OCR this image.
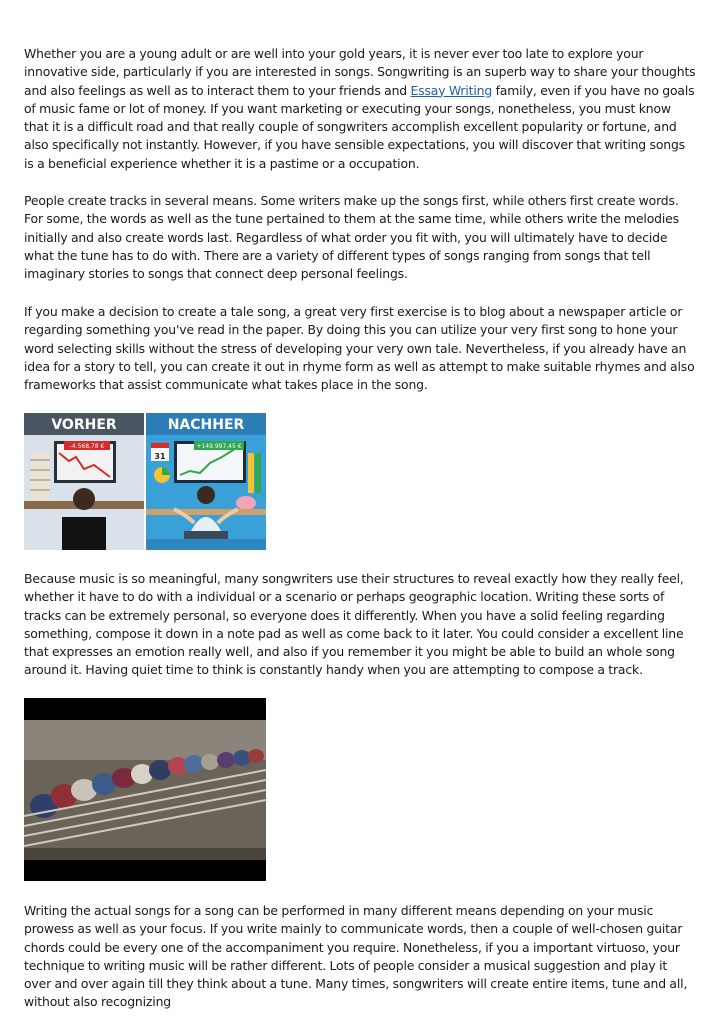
Whether you are a young adult or are well into your gold years, it is never ever too late to explore your innovative side, particularly if you are interested in songs. Songwriting is an superb way to share your thoughts and also feelings as well as to interact them to your friends and Essay Writing family, even if you have no goals of music fame or lot of money. If you want marketing or executing your songs, nonetheless, you must know that it is a difficult road and that really couple of songwriters accomplish excellent popularity or fortune, and also specifically not instantly. However, if you have sensible expectations, you will discover that writing songs is a beneficial experience whether it is a pastime or a occupation.

People create tracks in several means. Some writers make up the songs first, while others first create words. For some, the words as well as the tune pertained to them at the same time, while others write the melodies initially and also create words last. Regardless of what order you fit with, you will ultimately have to decide what the tune has to do with. There are a variety of different types of songs ranging from songs that tell imaginary stories to songs that connect deep personal feelings.

If you make a decision to create a tale song, a great very first exercise is to blog about a newspaper article or regarding something you've read in the paper. By doing this you can utilize your very first song to hone your word selecting skills without the stress of developing your very own tale. Nevertheless, if you already have an idea for a story to tell, you can create it out in rhyme form as well as attempt to make suitable rhymes and also frameworks that assist communicate what takes place in the song.

VORHER	NACHHER
-4.568,78 €	+149.997,45 €
31

Because music is so meaningful, many songwriters use their structures to reveal exactly how they really feel, whether it have to do with a individual or a scenario or perhaps geographic location. Writing these sorts of tracks can be extremely personal, so everyone does it differently. When you have a solid feeling regarding something, compose it down in a note pad as well as come back to it later. You could consider a excellent line that expresses an emotion really well, and also if you remember it you might be able to build an whole song around it. Having quiet time to think is constantly handy when you are attempting to compose a track.

Writing the actual songs for a song can be performed in many different means depending on your music prowess as well as your focus. If you write mainly to communicate words, then a couple of well-chosen guitar chords could be every one of the accompaniment you require. Nonetheless, if you a important virtuoso, your technique to writing music will be rather different. Lots of people consider a musical suggestion and play it over and over again till they think about a tune. Many times, songwriters will create entire items, tune and all, without also recognizing
